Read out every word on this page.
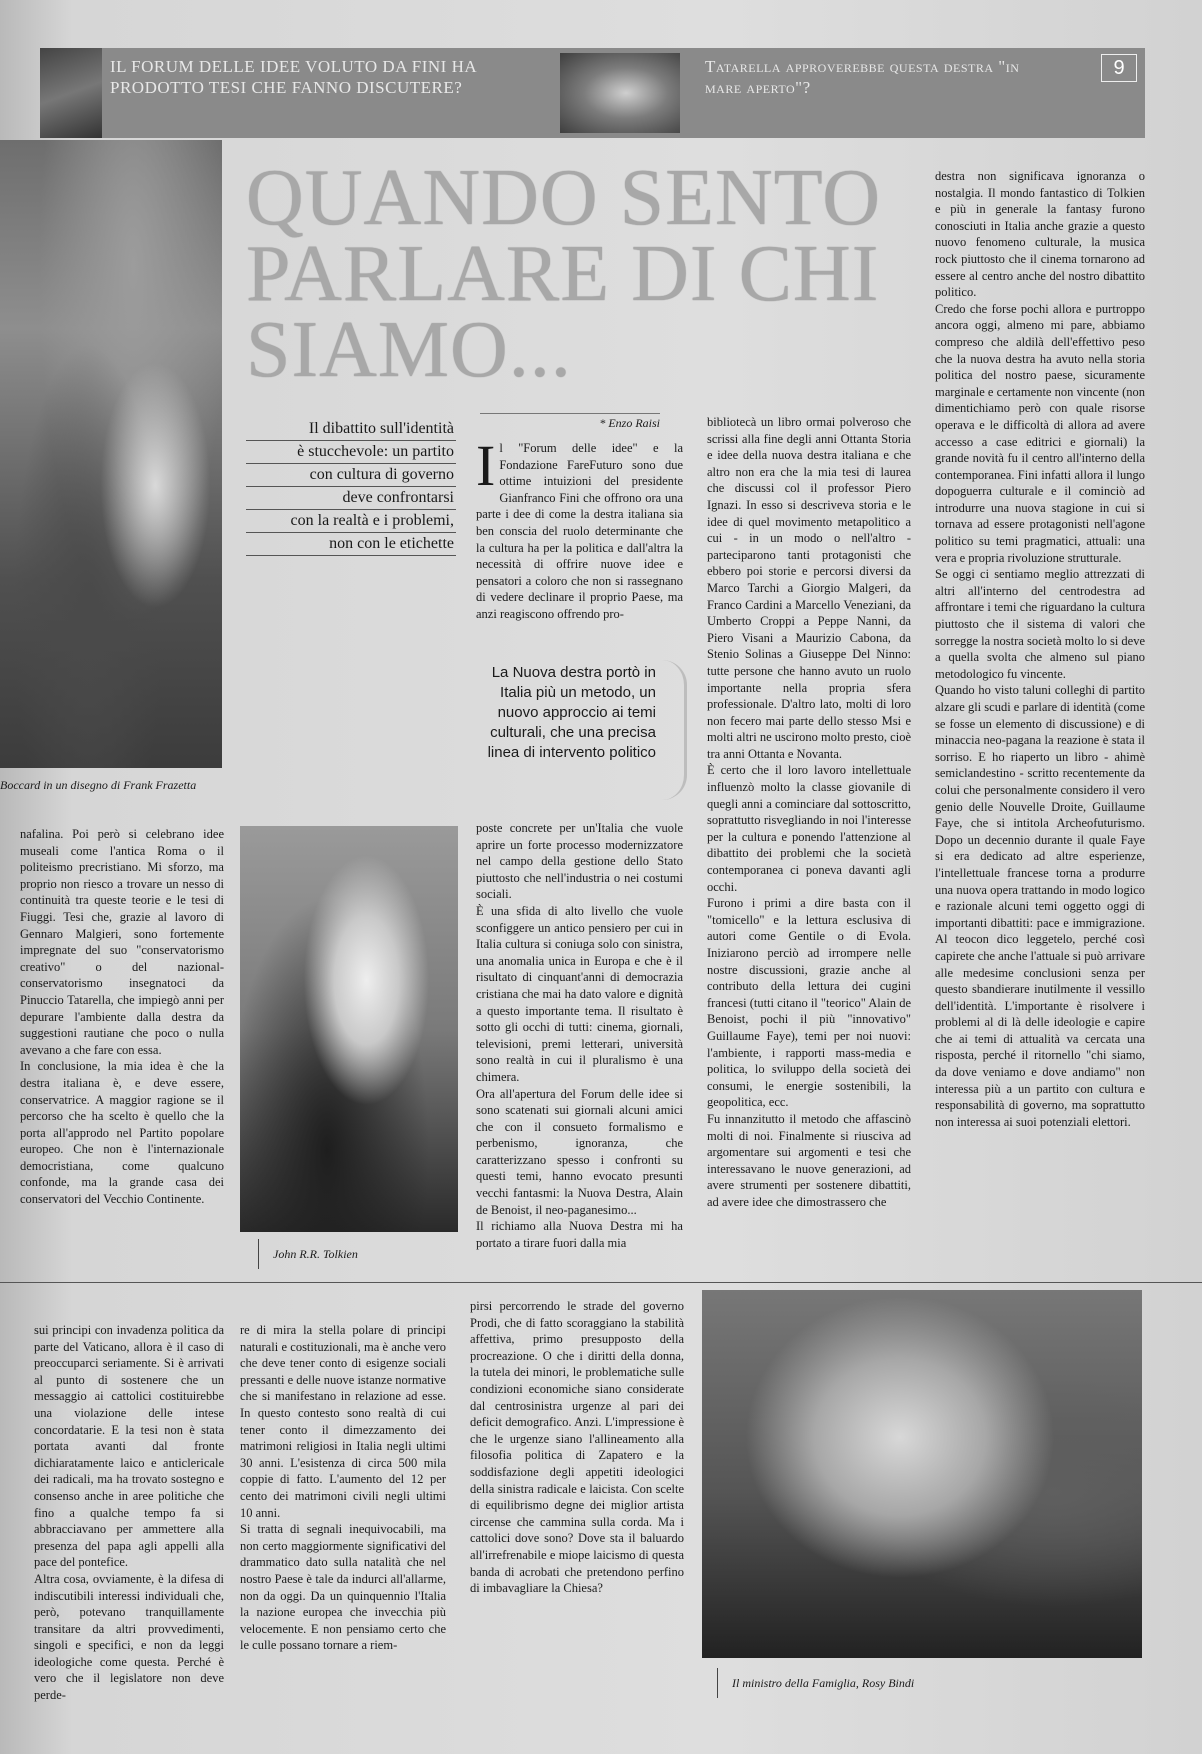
IL FORUM DELLE IDEE VOLUTO DA FINI HA PRODOTTO TESI CHE FANNO DISCUTERE?
Tatarella approverebbe questa destra "in mare aperto"?
9
Boccard in un disegno di Frank Frazetta
QUANDO SENTO PARLARE DI CHI SIAMO...
Il dibattito sull'identità
è stucchevole: un partito
con cultura di governo
deve confrontarsi
con la realtà e i problemi,
non con le etichette
* Enzo Raisi
Il "Forum delle idee" e la Fondazione FareFuturo sono due ottime intuizioni del presidente Gianfranco Fini che offrono ora una parte i dee di come la destra italiana sia ben conscia del ruolo determinante che la cultura ha per la politica e dall'altra la necessità di offrire nuove idee e pensatori a coloro che non si rassegnano di vedere declinare il proprio Paese, ma anzi reagiscono offrendo pro-
La Nuova destra portò in Italia più un metodo, un nuovo approccio ai temi culturali, che una precisa linea di intervento politico
bibliotecà un libro ormai polveroso che scrissi alla fine degli anni Ottanta Storia e idee della nuova destra italiana e che altro non era che la mia tesi di laurea che discussi col il professor Piero Ignazi. In esso si descriveva storia e le idee di quel movimento metapolitico a cui - in un modo o nell'altro - parteciparono tanti protagonisti che ebbero poi storie e percorsi diversi da Marco Tarchi a Giorgio Malgeri, da Franco Cardini a Marcello Veneziani, da Umberto Croppi a Peppe Nanni, da Piero Visani a Maurizio Cabona, da Stenio Solinas a Giuseppe Del Ninno: tutte persone che hanno avuto un ruolo importante nella propria sfera professionale. D'altro lato, molti di loro non fecero mai parte dello stesso Msi e molti altri ne uscirono molto presto, cioè tra anni Ottanta e Novanta.
È certo che il loro lavoro intellettuale influenzò molto la classe giovanile di quegli anni a cominciare dal sottoscritto, soprattutto risvegliando in noi l'interesse per la cultura e ponendo l'attenzione al dibattito dei problemi che la società contemporanea ci poneva davanti agli occhi.
Furono i primi a dire basta con il "tomicello" e la lettura esclusiva di autori come Gentile o di Evola. Iniziarono perciò ad irrompere nelle nostre discussioni, grazie anche al contributo della lettura dei cugini francesi (tutti citano il "teorico" Alain de Benoist, pochi il più "innovativo" Guillaume Faye), temi per noi nuovi: l'ambiente, i rapporti mass-media e politica, lo sviluppo della società dei consumi, le energie sostenibili, la geopolitica, ecc.
Fu innanzitutto il metodo che affascinò molti di noi. Finalmente si riusciva ad argomentare sui argomenti e tesi che interessavano le nuove generazioni, ad avere strumenti per sostenere dibattiti, ad avere idee che dimostrassero che
destra non significava ignoranza o nostalgia. Il mondo fantastico di Tolkien e più in generale la fantasy furono conosciuti in Italia anche grazie a questo nuovo fenomeno culturale, la musica rock piuttosto che il cinema tornarono ad essere al centro anche del nostro dibattito politico.
Credo che forse pochi allora e purtroppo ancora oggi, almeno mi pare, abbiamo compreso che aldilà dell'effettivo peso che la nuova destra ha avuto nella storia politica del nostro paese, sicuramente marginale e certamente non vincente (non dimentichiamo però con quale risorse operava e le difficoltà di allora ad avere accesso a case editrici e giornali) la grande novità fu il centro all'interno della contemporanea. Fini infatti allora il lungo dopoguerra culturale e il cominciò ad introdurre una nuova stagione in cui si tornava ad essere protagonisti nell'agone politico su temi pragmatici, attuali: una vera e propria rivoluzione strutturale.
Se oggi ci sentiamo meglio attrezzati di altri all'interno del centrodestra ad affrontare i temi che riguardano la cultura piuttosto che il sistema di valori che sorregge la nostra società molto lo si deve a quella svolta che almeno sul piano metodologico fu vincente.
Quando ho visto taluni colleghi di partito alzare gli scudi e parlare di identità (come se fosse un elemento di discussione) e di minaccia neo-pagana la reazione è stata il sorriso. E ho riaperto un libro - ahimè semiclandestino - scritto recentemente da colui che personalmente considero il vero genio delle Nouvelle Droite, Guillaume Faye, che si intitola Archeofuturismo. Dopo un decennio durante il quale Faye si era dedicato ad altre esperienze, l'intellettuale francese torna a produrre una nuova opera trattando in modo logico e razionale alcuni temi oggetto oggi di importanti dibattiti: pace e immigrazione. Al teocon dico leggetelo, perché così capirete che anche l'attuale si può arrivare alle medesime conclusioni senza per questo sbandierare inutilmente il vessillo dell'identità. L'importante è risolvere i problemi al di là delle ideologie e capire che ai temi di attualità va cercata una risposta, perché il ritornello "chi siamo, da dove veniamo e dove andiamo" non interessa più a un partito con cultura e responsabilità di governo, ma soprattutto non interessa ai suoi potenziali elettori.
nafalina. Poi però si celebrano idee museali come l'antica Roma o il politeismo precristiano. Mi sforzo, ma proprio non riesco a trovare un nesso di continuità tra queste teorie e le tesi di Fiuggi. Tesi che, grazie al lavoro di Gennaro Malgieri, sono fortemente impregnate del suo "conservatorismo creativo" o del nazional-conservatorismo insegnatoci da Pinuccio Tatarella, che impiegò anni per depurare l'ambiente dalla destra da suggestioni rautiane che poco o nulla avevano a che fare con essa.
In conclusione, la mia idea è che la destra italiana è, e deve essere, conservatrice. A maggior ragione se il percorso che ha scelto è quello che la porta all'approdo nel Partito popolare europeo. Che non è l'internazionale democristiana, come qualcuno confonde, ma la grande casa dei conservatori del Vecchio Continente.
John R.R. Tolkien
poste concrete per un'Italia che vuole aprire un forte processo modernizzatore nel campo della gestione dello Stato piuttosto che nell'industria o nei costumi sociali.
È una sfida di alto livello che vuole sconfiggere un antico pensiero per cui in Italia cultura si coniuga solo con sinistra, una anomalia unica in Europa e che è il risultato di cinquant'anni di democrazia cristiana che mai ha dato valore e dignità a questo importante tema. Il risultato è sotto gli occhi di tutti: cinema, giornali, televisioni, premi letterari, università sono realtà in cui il pluralismo è una chimera.
Ora all'apertura del Forum delle idee si sono scatenati sui giornali alcuni amici che con il consueto formalismo e perbenismo, ignoranza, che caratterizzano spesso i confronti su questi temi, hanno evocato presunti vecchi fantasmi: la Nuova Destra, Alain de Benoist, il neo-paganesimo...
Il richiamo alla Nuova Destra mi ha portato a tirare fuori dalla mia
sui principi con invadenza politica da parte del Vaticano, allora è il caso di preoccuparci seriamente. Si è arrivati al punto di sostenere che un messaggio ai cattolici costituirebbe una violazione delle intese concordatarie. E la tesi non è stata portata avanti dal fronte dichiaratamente laico e anticlericale dei radicali, ma ha trovato sostegno e consenso anche in aree politiche che fino a qualche tempo fa si abbracciavano per ammettere alla presenza del papa agli appelli alla pace del pontefice.
Altra cosa, ovviamente, è la difesa di indiscutibili interessi individuali che, però, potevano tranquillamente transitare da altri provvedimenti, singoli e specifici, e non da leggi ideologiche come questa. Perché è vero che il legislatore non deve perde-
re di mira la stella polare di principi naturali e costituzionali, ma è anche vero che deve tener conto di esigenze sociali pressanti e delle nuove istanze normative che si manifestano in relazione ad esse. In questo contesto sono realtà di cui tener conto il dimezzamento dei matrimoni religiosi in Italia negli ultimi 30 anni. L'esistenza di circa 500 mila coppie di fatto. L'aumento del 12 per cento dei matrimoni civili negli ultimi 10 anni.
Si tratta di segnali inequivocabili, ma non certo maggiormente significativi del drammatico dato sulla natalità che nel nostro Paese è tale da indurci all'allarme, non da oggi. Da un quinquennio l'Italia la nazione europea che invecchia più velocemente. E non pensiamo certo che le culle possano tornare a riem-
pirsi percorrendo le strade del governo Prodi, che di fatto scoraggiano la stabilità affettiva, primo presupposto della procreazione. O che i diritti della donna, la tutela dei minori, le problematiche sulle condizioni economiche siano considerate dal centrosinistra urgenze al pari dei deficit demografico. Anzi. L'impressione è che le urgenze siano l'allineamento alla filosofia politica di Zapatero e la soddisfazione degli appetiti ideologici della sinistra radicale e laicista. Con scelte di equilibrismo degne dei miglior artista circense che cammina sulla corda. Ma i cattolici dove sono? Dove sta il baluardo all'irrefrenabile e miope laicismo di questa banda di acrobati che pretendono perfino di imbavagliare la Chiesa?
Il ministro della Famiglia, Rosy Bindi
